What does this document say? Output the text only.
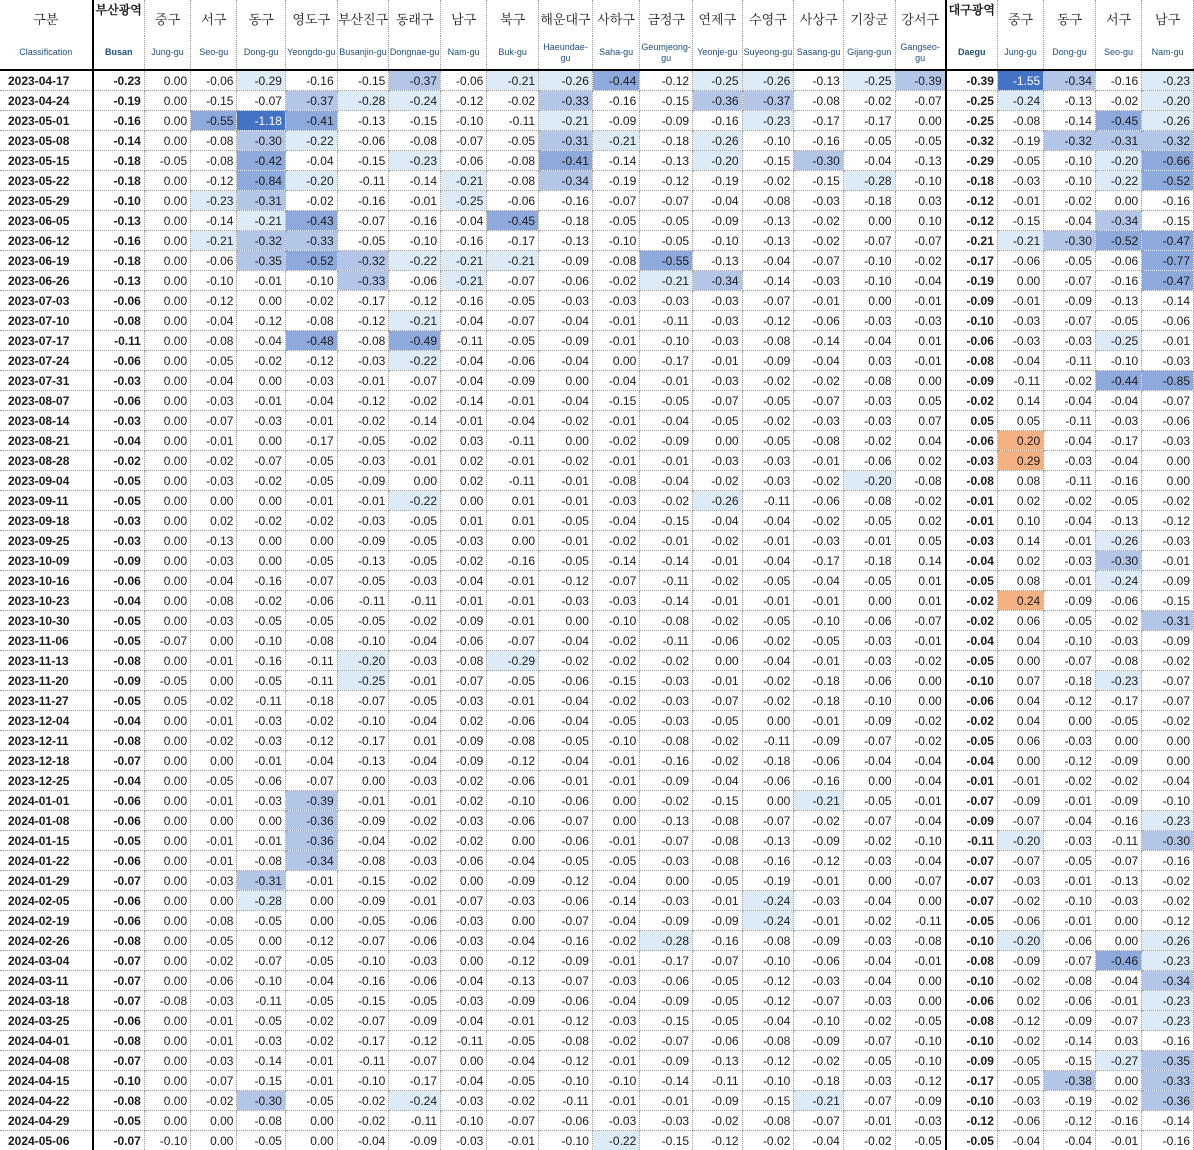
구분	부산광역	중구	서구	동구	영도구	부산진구	동래구	남구	북구	해운대구	사하구	금정구	연제구	수영구	사상구	기장군	강서구	대구광역	중구	동구	서구	남구
Classification	Busan	Jung-gu	Seo-gu	Dong-gu	Yeongdo-gu	Busanjin-gu	Dongnae-gu	Nam-gu	Buk-gu	Haeundae-gu	Saha-gu	Geumjeong-gu	Yeonje-gu	Suyeong-gu	Sasang-gu	Gijang-gun	Gangseo-gu	Daegu	Jung-gu	Dong-gu	Seo-gu	Nam-gu
2023-04-17	-0.23	0.00	-0.06	-0.29	-0.16	-0.15	-0.37	-0.06	-0.21	-0.26	-0.44	-0.12	-0.25	-0.26	-0.13	-0.25	-0.39	-0.39	-1.55	-0.34	-0.16	-0.23
2023-04-24	-0.19	0.00	-0.15	-0.07	-0.37	-0.28	-0.24	-0.12	-0.02	-0.33	-0.16	-0.15	-0.36	-0.37	-0.08	-0.02	-0.07	-0.25	-0.24	-0.13	-0.02	-0.20
2023-05-01	-0.16	0.00	-0.55	-1.18	-0.41	-0.13	-0.15	-0.10	-0.11	-0.21	-0.09	-0.09	-0.16	-0.23	-0.17	-0.17	0.00	-0.25	-0.08	-0.14	-0.45	-0.26
2023-05-08	-0.14	0.00	-0.08	-0.30	-0.22	-0.06	-0.08	-0.07	-0.05	-0.31	-0.21	-0.18	-0.26	-0.10	-0.16	-0.05	-0.05	-0.32	-0.19	-0.32	-0.31	-0.32
2023-05-15	-0.18	-0.05	-0.08	-0.42	-0.04	-0.15	-0.23	-0.06	-0.08	-0.41	-0.14	-0.13	-0.20	-0.15	-0.30	-0.04	-0.13	-0.29	-0.05	-0.10	-0.20	-0.66
2023-05-22	-0.18	0.00	-0.12	-0.84	-0.20	-0.11	-0.14	-0.21	-0.08	-0.34	-0.19	-0.12	-0.19	-0.02	-0.15	-0.28	-0.10	-0.18	-0.03	-0.10	-0.22	-0.52
2023-05-29	-0.10	0.00	-0.23	-0.31	-0.02	-0.16	-0.01	-0.25	-0.06	-0.16	-0.07	-0.07	-0.04	-0.08	-0.03	-0.18	0.03	-0.12	-0.01	-0.02	0.00	-0.16
2023-06-05	-0.13	0.00	-0.14	-0.21	-0.43	-0.07	-0.16	-0.04	-0.45	-0.18	-0.05	-0.05	-0.09	-0.13	-0.02	0.00	0.10	-0.12	-0.15	-0.04	-0.34	-0.15
2023-06-12	-0.16	0.00	-0.21	-0.32	-0.33	-0.05	-0.10	-0.16	-0.17	-0.13	-0.10	-0.05	-0.10	-0.13	-0.02	-0.07	-0.07	-0.21	-0.21	-0.30	-0.52	-0.47
2023-06-19	-0.18	0.00	-0.06	-0.35	-0.52	-0.32	-0.22	-0.21	-0.21	-0.09	-0.08	-0.55	-0.13	-0.04	-0.07	-0.10	-0.02	-0.17	-0.06	-0.05	-0.06	-0.77
2023-06-26	-0.13	0.00	-0.10	-0.01	-0.10	-0.33	-0.06	-0.21	-0.07	-0.06	-0.02	-0.21	-0.34	-0.14	-0.03	-0.10	-0.04	-0.19	0.00	-0.07	-0.16	-0.47
2023-07-03	-0.06	0.00	-0.12	0.00	-0.02	-0.17	-0.12	-0.16	-0.05	-0.03	-0.03	-0.03	-0.03	-0.07	-0.01	0.00	-0.01	-0.09	-0.01	-0.09	-0.13	-0.14
2023-07-10	-0.08	0.00	-0.04	-0.12	-0.08	-0.12	-0.21	-0.04	-0.07	-0.04	-0.01	-0.11	-0.03	-0.12	-0.06	-0.03	-0.03	-0.10	-0.03	-0.07	-0.05	-0.06
2023-07-17	-0.11	0.00	-0.08	-0.04	-0.48	-0.08	-0.49	-0.11	-0.05	-0.09	-0.01	-0.10	-0.03	-0.08	-0.14	-0.04	0.01	-0.06	-0.03	-0.03	-0.25	-0.01
2023-07-24	-0.06	0.00	-0.05	-0.02	-0.12	-0.03	-0.22	-0.04	-0.06	-0.04	0.00	-0.17	-0.01	-0.09	-0.04	0.03	-0.01	-0.08	-0.04	-0.11	-0.10	-0.03
2023-07-31	-0.03	0.00	-0.04	0.00	-0.03	-0.01	-0.07	-0.04	-0.09	0.00	-0.04	-0.01	-0.03	-0.02	-0.02	-0.08	0.00	-0.09	-0.11	-0.02	-0.44	-0.85
2023-08-07	-0.06	0.00	-0.03	-0.01	-0.04	-0.12	-0.02	-0.14	-0.01	-0.04	-0.15	-0.05	-0.07	-0.05	-0.07	-0.03	0.05	-0.02	0.14	-0.04	-0.04	-0.07
2023-08-14	-0.03	0.00	-0.07	-0.03	-0.01	-0.02	-0.14	-0.01	-0.04	-0.02	-0.01	-0.04	-0.05	-0.02	-0.03	-0.03	0.07	0.05	0.05	-0.11	-0.03	-0.06
2023-08-21	-0.04	0.00	-0.01	0.00	-0.17	-0.05	-0.02	0.03	-0.11	0.00	-0.02	-0.09	0.00	-0.05	-0.08	-0.02	0.04	-0.06	0.20	-0.04	-0.17	-0.03
2023-08-28	-0.02	0.00	-0.02	-0.07	-0.05	-0.03	-0.01	0.02	-0.01	-0.02	-0.01	-0.01	-0.03	-0.03	-0.01	-0.06	0.02	-0.03	0.29	-0.03	-0.04	0.00
2023-09-04	-0.05	0.00	-0.03	-0.02	-0.05	-0.09	0.00	0.02	-0.11	-0.01	-0.08	-0.04	-0.02	-0.03	-0.02	-0.20	-0.08	-0.08	0.08	-0.11	-0.16	0.00
2023-09-11	-0.05	0.00	0.00	0.00	-0.01	-0.01	-0.22	0.00	0.01	-0.01	-0.03	-0.02	-0.26	-0.11	-0.06	-0.08	-0.02	-0.01	0.02	-0.02	-0.05	-0.02
2023-09-18	-0.03	0.00	0.02	-0.02	-0.02	-0.03	-0.05	0.01	0.01	-0.05	-0.04	-0.15	-0.04	-0.04	-0.02	-0.05	0.02	-0.01	0.10	-0.04	-0.13	-0.12
2023-09-25	-0.03	0.00	-0.13	0.00	0.00	-0.09	-0.05	-0.03	0.00	-0.01	-0.02	-0.01	-0.02	-0.01	-0.03	-0.01	0.05	-0.03	0.14	-0.01	-0.26	-0.03
2023-10-09	-0.09	0.00	-0.03	0.00	-0.05	-0.13	-0.05	-0.02	-0.16	-0.05	-0.14	-0.14	-0.01	-0.04	-0.17	-0.18	0.14	-0.04	0.02	-0.03	-0.30	-0.01
2023-10-16	-0.06	0.00	-0.04	-0.16	-0.07	-0.05	-0.03	-0.04	-0.01	-0.12	-0.07	-0.11	-0.02	-0.05	-0.04	-0.05	0.01	-0.05	0.08	-0.01	-0.24	-0.09
2023-10-23	-0.04	0.00	-0.08	-0.02	-0.06	-0.11	-0.11	-0.01	-0.01	-0.03	-0.03	-0.14	-0.01	-0.01	-0.01	0.00	0.01	-0.02	0.24	-0.09	-0.06	-0.15
2023-10-30	-0.05	0.00	-0.03	-0.05	-0.05	-0.05	-0.02	-0.09	-0.01	0.00	-0.10	-0.08	-0.02	-0.05	-0.10	-0.06	-0.07	-0.02	0.06	-0.05	-0.02	-0.31
2023-11-06	-0.05	-0.07	0.00	-0.10	-0.08	-0.10	-0.04	-0.06	-0.07	-0.04	-0.02	-0.11	-0.06	-0.02	-0.05	-0.03	-0.01	-0.04	0.04	-0.10	-0.03	-0.09
2023-11-13	-0.08	0.00	-0.01	-0.16	-0.11	-0.20	-0.03	-0.08	-0.29	-0.02	-0.02	-0.02	0.00	-0.04	-0.01	-0.03	-0.02	-0.05	0.00	-0.07	-0.08	-0.02
2023-11-20	-0.09	-0.05	0.00	-0.05	-0.11	-0.25	-0.01	-0.07	-0.05	-0.06	-0.15	-0.03	-0.01	-0.02	-0.18	-0.06	0.00	-0.10	0.07	-0.18	-0.23	-0.07
2023-11-27	-0.05	0.05	-0.02	-0.11	-0.18	-0.07	-0.05	-0.03	-0.01	-0.04	-0.02	-0.03	-0.07	-0.02	-0.18	-0.10	0.00	-0.06	0.04	-0.12	-0.17	-0.07
2023-12-04	-0.04	0.00	-0.01	-0.03	-0.02	-0.10	-0.04	0.02	-0.06	-0.04	-0.05	-0.03	-0.05	0.00	-0.01	-0.09	-0.02	-0.02	0.04	0.00	-0.05	-0.02
2023-12-11	-0.08	0.00	-0.02	-0.03	-0.12	-0.17	0.01	-0.09	-0.08	-0.05	-0.10	-0.08	-0.02	-0.11	-0.09	-0.07	-0.02	-0.05	0.06	-0.03	0.00	0.00
2023-12-18	-0.07	0.00	0.00	-0.01	-0.04	-0.13	-0.04	-0.09	-0.12	-0.04	-0.01	-0.16	-0.02	-0.18	-0.06	-0.04	-0.04	-0.04	0.00	-0.12	-0.09	0.00
2023-12-25	-0.04	0.00	-0.05	-0.06	-0.07	0.00	-0.03	-0.02	-0.06	-0.01	-0.01	-0.09	-0.04	-0.06	-0.16	0.00	-0.04	-0.01	-0.01	-0.02	-0.02	-0.04
2024-01-01	-0.06	0.00	-0.01	-0.03	-0.39	-0.01	-0.01	-0.02	-0.10	-0.06	0.00	-0.02	-0.15	0.00	-0.21	-0.05	-0.01	-0.07	-0.09	-0.01	-0.09	-0.10
2024-01-08	-0.06	0.00	0.00	0.00	-0.36	-0.09	-0.02	-0.03	-0.06	-0.07	0.00	-0.13	-0.08	-0.07	-0.02	-0.07	-0.04	-0.09	-0.07	-0.04	-0.16	-0.23
2024-01-15	-0.05	0.00	-0.01	-0.01	-0.36	-0.04	-0.02	-0.02	0.00	-0.06	-0.01	-0.07	-0.08	-0.13	-0.09	-0.02	-0.10	-0.11	-0.20	-0.03	-0.11	-0.30
2024-01-22	-0.06	0.00	-0.01	-0.08	-0.34	-0.08	-0.03	-0.06	-0.04	-0.05	-0.05	-0.03	-0.08	-0.16	-0.12	-0.03	-0.04	-0.07	-0.07	-0.05	-0.07	-0.16
2024-01-29	-0.07	0.00	-0.03	-0.31	-0.01	-0.15	-0.02	0.00	-0.09	-0.12	-0.04	0.00	-0.05	-0.19	-0.01	0.00	-0.07	-0.07	-0.03	-0.01	-0.13	-0.02
2024-02-05	-0.06	0.00	0.00	-0.28	0.00	-0.09	-0.01	-0.07	-0.03	-0.06	-0.14	-0.03	-0.01	-0.24	-0.03	-0.04	0.00	-0.07	-0.02	-0.10	-0.03	-0.02
2024-02-19	-0.06	0.00	-0.08	-0.05	0.00	-0.05	-0.06	-0.03	0.00	-0.07	-0.04	-0.09	-0.09	-0.24	-0.01	-0.02	-0.11	-0.05	-0.06	-0.01	0.00	-0.12
2024-02-26	-0.08	0.00	-0.05	0.00	-0.12	-0.07	-0.06	-0.03	-0.04	-0.16	-0.02	-0.28	-0.16	-0.08	-0.09	-0.03	-0.08	-0.10	-0.20	-0.06	0.00	-0.26
2024-03-04	-0.07	0.00	-0.02	-0.07	-0.05	-0.10	-0.03	0.00	-0.12	-0.09	-0.01	-0.17	-0.07	-0.10	-0.06	-0.04	-0.01	-0.08	-0.09	-0.07	-0.46	-0.23
2024-03-11	-0.07	0.00	-0.06	-0.10	-0.04	-0.16	-0.06	-0.04	-0.13	-0.07	-0.03	-0.06	-0.05	-0.12	-0.03	-0.04	0.00	-0.10	-0.02	-0.08	-0.04	-0.34
2024-03-18	-0.07	-0.08	-0.03	-0.11	-0.05	-0.15	-0.05	-0.03	-0.09	-0.06	-0.04	-0.09	-0.05	-0.12	-0.07	-0.03	0.00	-0.06	0.02	-0.06	-0.01	-0.23
2024-03-25	-0.06	0.00	-0.01	-0.05	-0.02	-0.07	-0.09	-0.04	-0.01	-0.12	-0.03	-0.15	-0.05	-0.04	-0.10	-0.02	-0.05	-0.08	-0.12	-0.09	-0.07	-0.23
2024-04-01	-0.08	0.00	-0.01	-0.03	-0.02	-0.17	-0.12	-0.11	-0.05	-0.08	-0.02	-0.07	-0.06	-0.08	-0.09	-0.07	-0.10	-0.10	-0.02	-0.14	0.03	-0.16
2024-04-08	-0.07	0.00	-0.03	-0.14	-0.01	-0.11	-0.07	0.00	-0.04	-0.12	-0.01	-0.09	-0.13	-0.12	-0.02	-0.05	-0.10	-0.09	-0.05	-0.15	-0.27	-0.35
2024-04-15	-0.10	0.00	-0.07	-0.15	-0.01	-0.10	-0.17	-0.04	-0.05	-0.10	-0.10	-0.14	-0.11	-0.10	-0.18	-0.03	-0.12	-0.17	-0.05	-0.38	0.00	-0.33
2024-04-22	-0.08	0.00	-0.02	-0.30	-0.05	-0.02	-0.24	-0.03	-0.02	-0.11	-0.01	-0.01	-0.09	-0.15	-0.21	-0.07	-0.09	-0.10	-0.03	-0.19	-0.02	-0.36
2024-04-29	-0.05	0.00	0.00	-0.08	0.00	-0.02	-0.11	-0.10	-0.07	-0.06	-0.03	-0.03	-0.02	-0.08	-0.07	-0.01	-0.03	-0.12	-0.06	-0.12	-0.16	-0.14
2024-05-06	-0.07	-0.10	0.00	-0.05	0.00	-0.04	-0.09	-0.03	-0.01	-0.10	-0.22	-0.15	-0.12	-0.02	-0.04	-0.02	-0.05	-0.05	-0.04	-0.04	-0.01	-0.16
